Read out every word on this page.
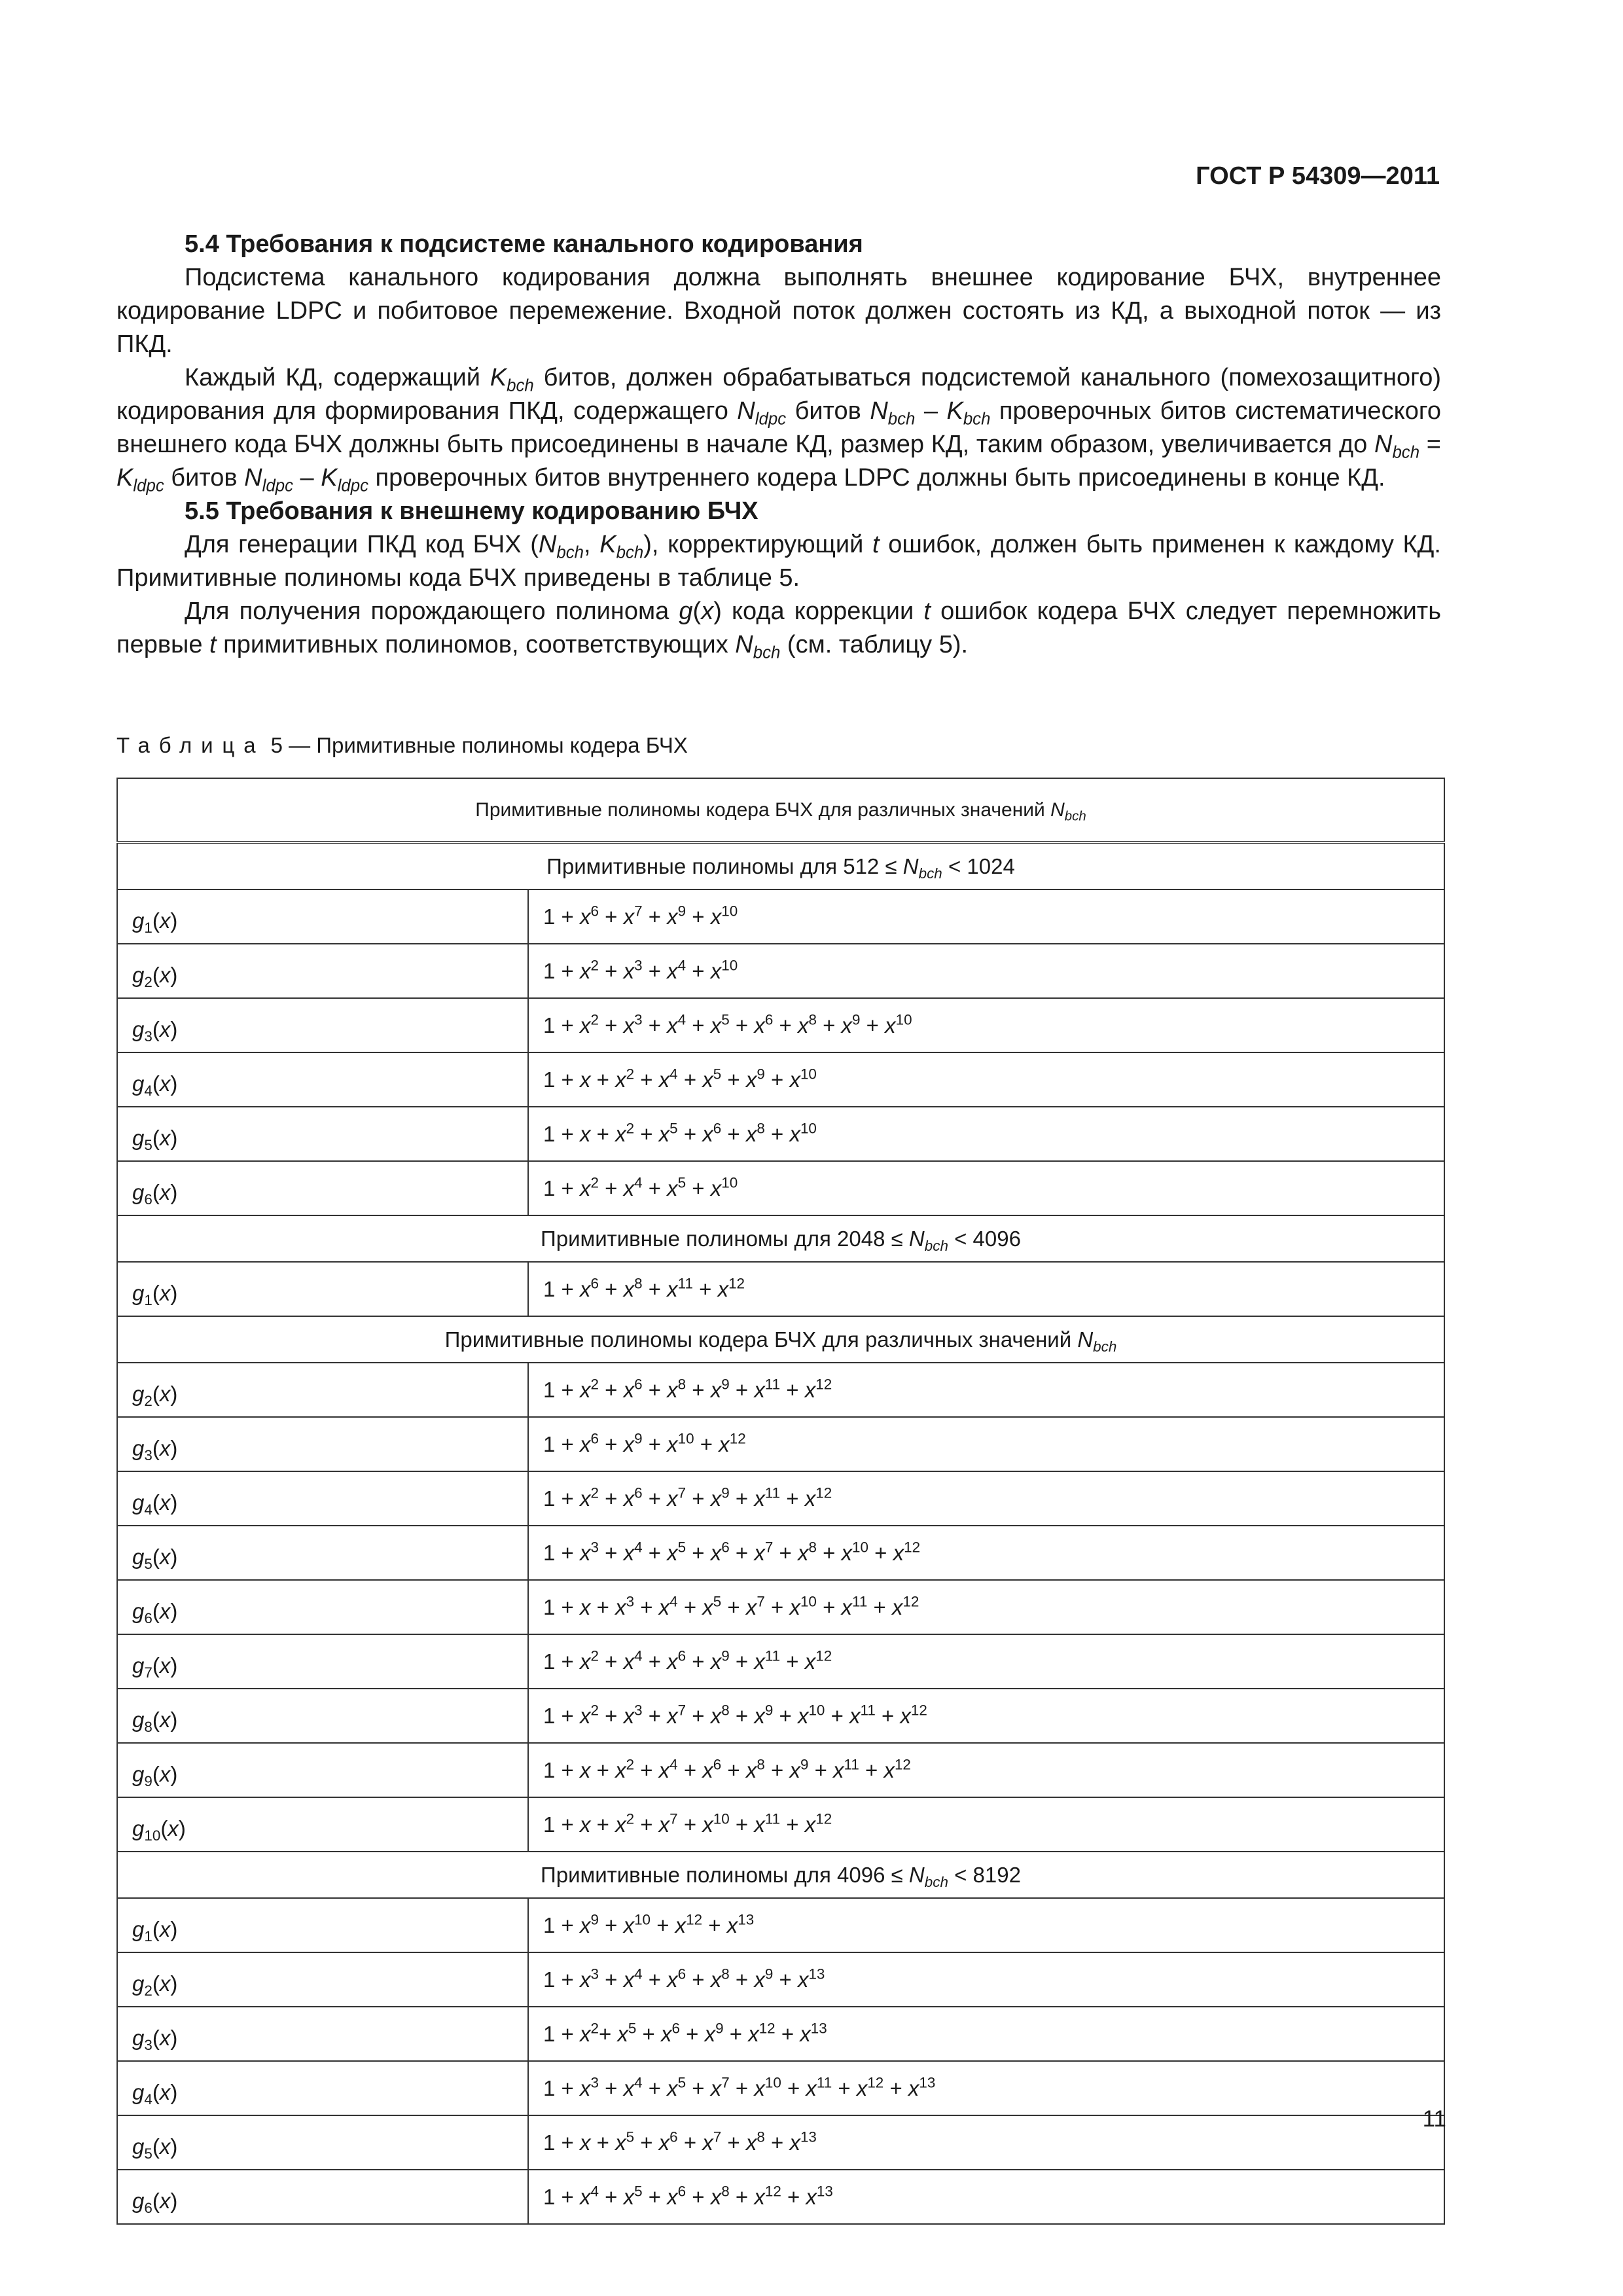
ГОСТ Р 54309—2011
5.4 Требования к подсистеме канального кодирования

Подсистема канального кодирования должна выполнять внешнее кодирование БЧХ, внутреннее кодирование LDPC и побитовое перемежение. Входной поток должен состоять из КД, а выходной поток — из ПКД.

Каждый КД, содержащий $K_{bch}$ битов, должен обрабатываться подсистемой канального (помехозащитного) кодирования для формирования ПКД, содержащего $N_{ldpc}$ битов $N_{bch} - K_{bch}$ проверочных битов систематического внешнего кода БЧХ должны быть присоединены в начале КД, размер КД, таким образом, увеличивается до $N_{bch} = K_{ldpc}$ битов $N_{ldpc} - K_{ldpc}$ проверочных битов внутреннего кодера LDPC должны быть присоединены в конце КД.

5.5 Требования к внешнему кодированию БЧХ

Для генерации ПКД код БЧХ ($N_{bch}$, $K_{bch}$), корректирующий t ошибок, должен быть применен к каждому КД. Примитивные полиномы кода БЧХ приведены в таблице 5.

Для получения порождающего полинома g(x) кода коррекции t ошибок кодера БЧХ следует перемножить первые t примитивных полиномов, соответствующих $N_{bch}$ (см. таблицу 5).

Таблица 5 — Примитивные полиномы кодера БЧХ
Примитивные полиномы кодера БЧХ для различных значений $N_{bch}$
Примитивные полиномы для $512 \le N_{bch} < 1024$	
$g_1(x)$	$1 + x^6 + x^7 + x^9 + x^{10}$
$g_2(x)$	$1 + x^2 + x^3 + x^4 + x^{10}$
$g_3(x)$	$1 + x^2 + x^3 + x^4 + x^5 + x^6 + x^8 + x^9 + x^{10}$
$g_4(x)$	$1 + x + x^2 + x^4 + x^5 + x^9 + x^{10}$
$g_5(x)$	$1 + x + x^2 + x^5 + x^6 + x^8 + x^{10}$
$g_6(x)$	$1 + x^2 + x^4 + x^5 + x^{10}$
Примитивные полиномы для $2048 \le N_{bch} < 4096$	
$g_1(x)$	$1 + x^6 + x^8 + x^{11} + x^{12}$
Примитивные полиномы кодера БЧХ для различных значений $N_{bch}$
$g_2(x)$	$1 + x^2 + x^6 + x^8 + x^9 + x^{11} + x^{12}$
$g_3(x)$	$1 + x^6 + x^9 + x^{10} + x^{12}$
$g_4(x)$	$1 + x^2 + x^6 + x^7 + x^9 + x^{11} + x^{12}$
$g_5(x)$	$1 + x^3 + x^4 + x^5 + x^6 + x^7 + x^8 + x^{10} + x^{12}$
$g_6(x)$	$1 + x + x^3 + x^4 + x^5 + x^7 + x^{10} + x^{11} + x^{12}$
$g_7(x)$	$1 + x^2 + x^4 + x^6 + x^9 + x^{11} + x^{12}$
$g_8(x)$	$1 + x^2 + x^3 + x^7 + x^8 + x^9 + x^{10} + x^{11} + x^{12}$
$g_9(x)$	$1 + x + x^2 + x^4 + x^6 + x^8 + x^9 + x^{11} + x^{12}$
$g_{10}(x)$	$1 + x + x^2 + x^7 + x^{10} + x^{11} + x^{12}$
Примитивные полиномы для $4096 \le N_{bch} < 8192$	
$g_1(x)$	$1 + x^9 + x^{10} + x^{12} + x^{13}$
$g_2(x)$	$1 + x^3 + x^4 + x^6 + x^8 + x^9 + x^{13}$
$g_3(x)$	$1 + x^2+ x^5 + x^6 + x^9 + x^{12} + x^{13}$
$g_4(x)$	$1 + x^3 + x^4 + x^5 + x^7 + x^{10} + x^{11} + x^{12} + x^{13}$
$g_5(x)$	$1 + x + x^5 + x^6 + x^7 + x^8 + x^{13}$
$g_6(x)$	$1 + x^4 + x^5 + x^6 + x^8 + x^{12} + x^{13}$
11
